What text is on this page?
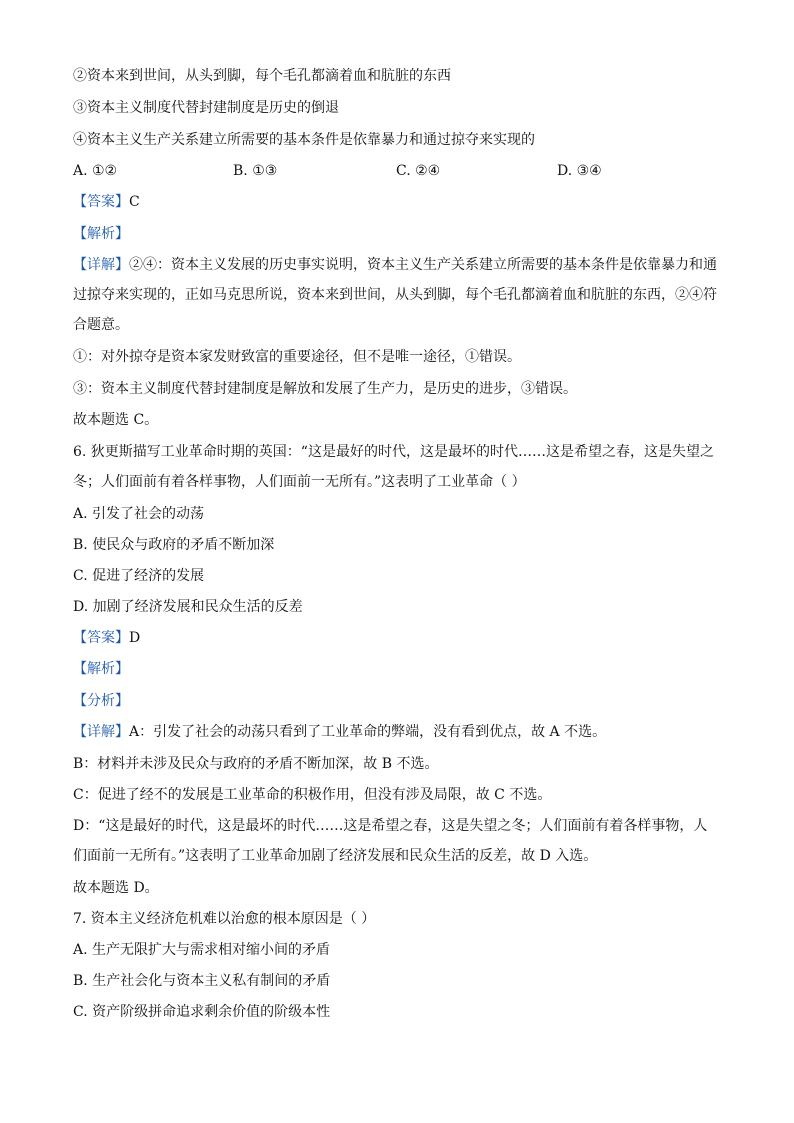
②资本来到世间，从头到脚，每个毛孔都滴着血和肮脏的东西
③资本主义制度代替封建制度是历史的倒退
④资本主义生产关系建立所需要的基本条件是依靠暴力和通过掠夺来实现的
A. ①②	B. ①③	C. ②④	D. ③④
【答案】C
【解析】
【详解】②④：资本主义发展的历史事实说明，资本主义生产关系建立所需要的基本条件是依靠暴力和通
过掠夺来实现的，正如马克思所说，资本来到世间，从头到脚，每个毛孔都滴着血和肮脏的东西，②④符
合题意。
①：对外掠夺是资本家发财致富的重要途径，但不是唯一途径，①错误。
③：资本主义制度代替封建制度是解放和发展了生产力，是历史的进步，③错误。
故本题选 C。
6. 狄更斯描写工业革命时期的英国：“这是最好的时代，这是最坏的时代……这是希望之春，这是失望之
冬；人们面前有着各样事物，人们面前一无所有。”这表明了工业革命（ ）
A. 引发了社会的动荡
B. 使民众与政府的矛盾不断加深
C. 促进了经济的发展
D. 加剧了经济发展和民众生活的反差
【答案】D
【解析】
【分析】
【详解】A：引发了社会的动荡只看到了工业革命的弊端，没有看到优点，故 A 不选。
B：材料并未涉及民众与政府的矛盾不断加深，故 B 不选。
C：促进了经不的发展是工业革命的积极作用，但没有涉及局限，故 C 不选。
D：“这是最好的时代，这是最坏的时代……这是希望之春，这是失望之冬；人们面前有着各样事物，人
们面前一无所有。”这表明了工业革命加剧了经济发展和民众生活的反差，故 D 入选。
故本题选 D。
7. 资本主义经济危机难以治愈的根本原因是（ ）
A. 生产无限扩大与需求相对缩小间的矛盾
B. 生产社会化与资本主义私有制间的矛盾
C. 资产阶级拼命追求剩余价值的阶级本性
